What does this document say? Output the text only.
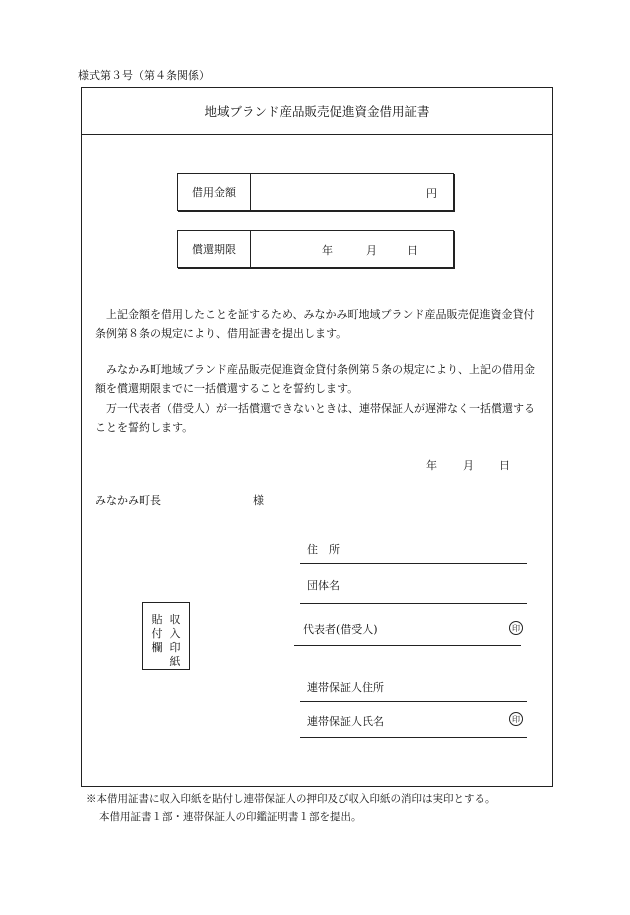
様式第３号（第４条関係）
地域ブランド産品販売促進資金借用証書
借用金額	円
償還期限	年	月	日
上記金額を借用したことを証するため、みなかみ町地域ブランド産品販売促進資金貸付条例第８条の規定により、借用証書を提出します。
みなかみ町地域ブランド産品販売促進資金貸付条例第５条の規定により、上記の借用金額を償還期限までに一括償還することを誓約します。
万一代表者（借受人）が一括償還できないときは、連帯保証人が遅滞なく一括償還することを誓約します。
年 月 日
みなかみ町長	様
住　所
団体名
代表者(借受人)	印
連帯保証人住所
連帯保証人氏名	印
収入印紙
貼付欄
※本借用証書に収入印紙を貼付し連帯保証人の押印及び収入印紙の消印は実印とする。
本借用証書１部・連帯保証人の印鑑証明書１部を提出。
